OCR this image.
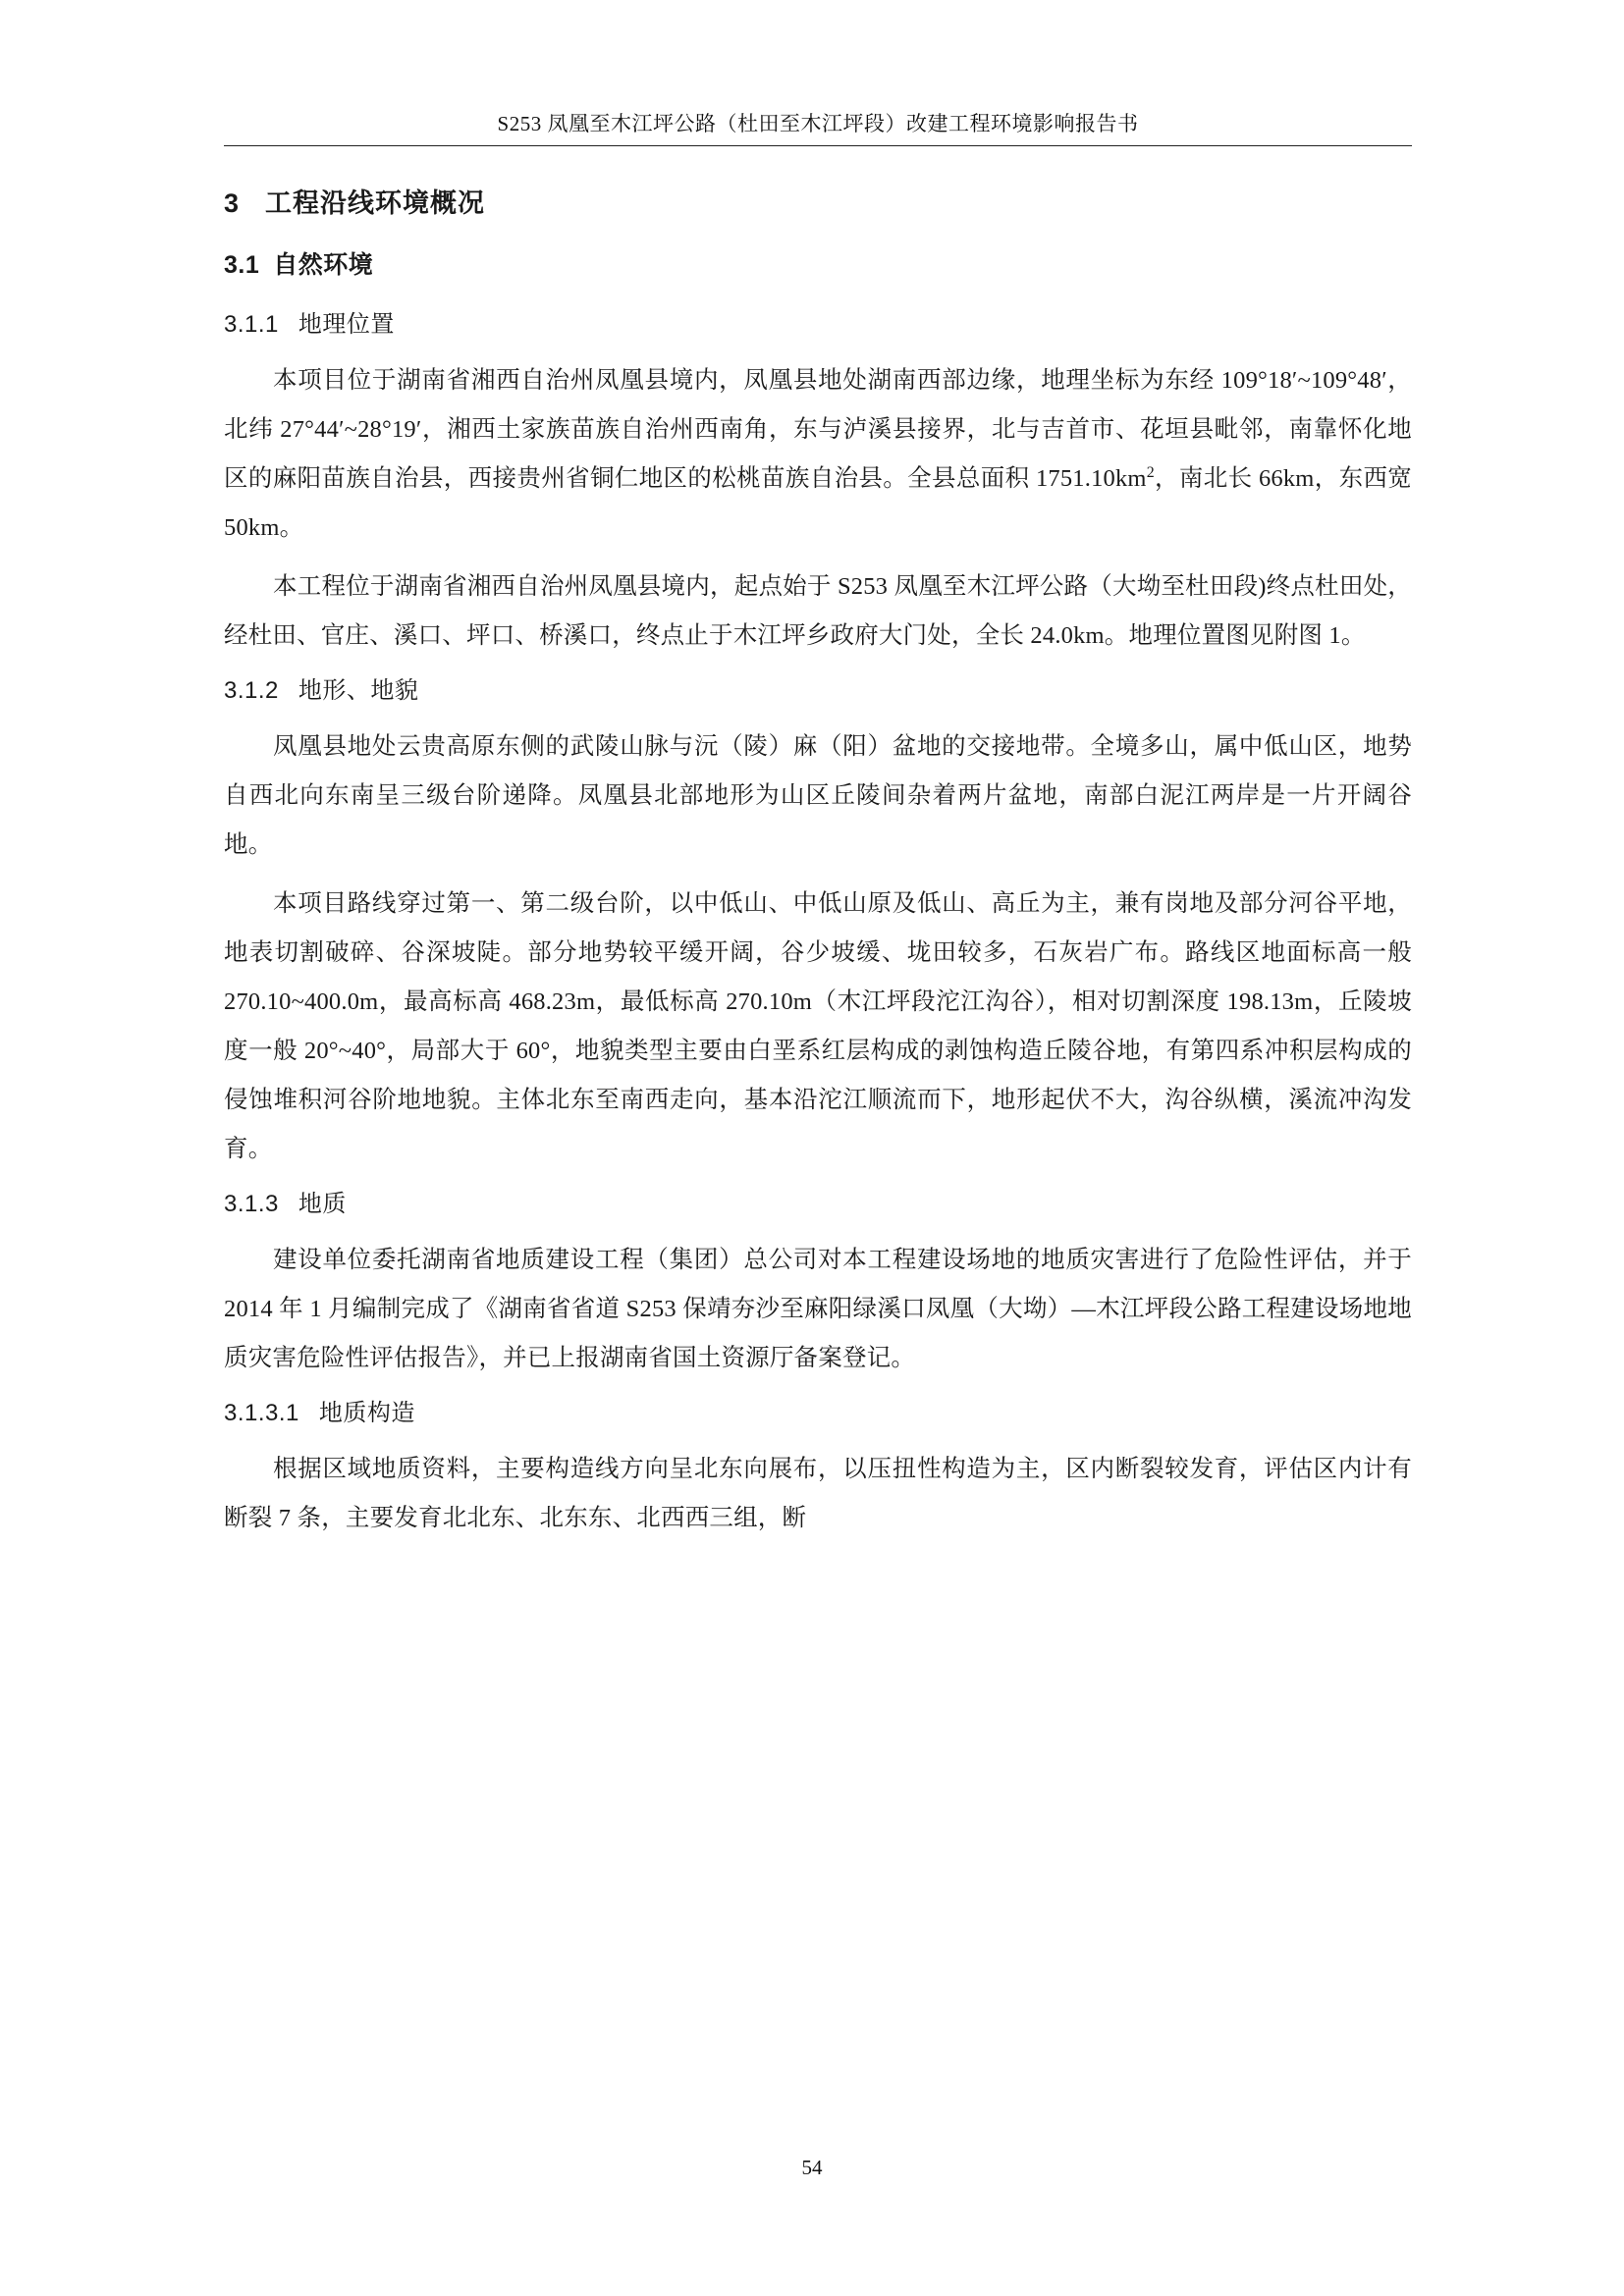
S253 凤凰至木江坪公路（杜田至木江坪段）改建工程环境影响报告书
3 工程沿线环境概况
3.1 自然环境
3.1.1 地理位置

本项目位于湖南省湘西自治州凤凰县境内，凤凰县地处湖南西部边缘，地理坐标为东经 109°18′~109°48′，北纬 27°44′~28°19′，湘西土家族苗族自治州西南角，东与泸溪县接界，北与吉首市、花垣县毗邻，南靠怀化地区的麻阳苗族自治县，西接贵州省铜仁地区的松桃苗族自治县。全县总面积 $1751.10km^2$，南北长 66km，东西宽 50km。

本工程位于湖南省湘西自治州凤凰县境内，起点始于 S253 凤凰至木江坪公路（大坳至杜田段)终点杜田处，经杜田、官庄、溪口、坪口、桥溪口，终点止于木江坪乡政府大门处，全长 24.0km。地理位置图见附图 1。

3.1.2 地形、地貌

凤凰县地处云贵高原东侧的武陵山脉与沅（陵）麻（阳）盆地的交接地带。全境多山，属中低山区，地势自西北向东南呈三级台阶递降。凤凰县北部地形为山区丘陵间杂着两片盆地，南部白泥江两岸是一片开阔谷地。

本项目路线穿过第一、第二级台阶，以中低山、中低山原及低山、高丘为主，兼有岗地及部分河谷平地，地表切割破碎、谷深坡陡。部分地势较平缓开阔，谷少坡缓、垅田较多，石灰岩广布。路线区地面标高一般 270.10~400.0m，最高标高 468.23m，最低标高 270.10m（木江坪段沱江沟谷），相对切割深度 198.13m，丘陵坡度一般 20°~40°，局部大于 60°，地貌类型主要由白垩系红层构成的剥蚀构造丘陵谷地，有第四系冲积层构成的侵蚀堆积河谷阶地地貌。主体北东至南西走向，基本沿沱江顺流而下，地形起伏不大，沟谷纵横，溪流冲沟发育。

3.1.3 地质

建设单位委托湖南省地质建设工程（集团）总公司对本工程建设场地的地质灾害进行了危险性评估，并于 2014 年 1 月编制完成了《湖南省省道 S253 保靖夯沙至麻阳绿溪口凤凰（大坳）—木江坪段公路工程建设场地地质灾害危险性评估报告》，并已上报湖南省国土资源厅备案登记。

3.1.3.1 地质构造

根据区域地质资料，主要构造线方向呈北东向展布，以压扭性构造为主，区内断裂较发育，评估区内计有断裂 7 条，主要发育北北东、北东东、北西西三组，断

54
